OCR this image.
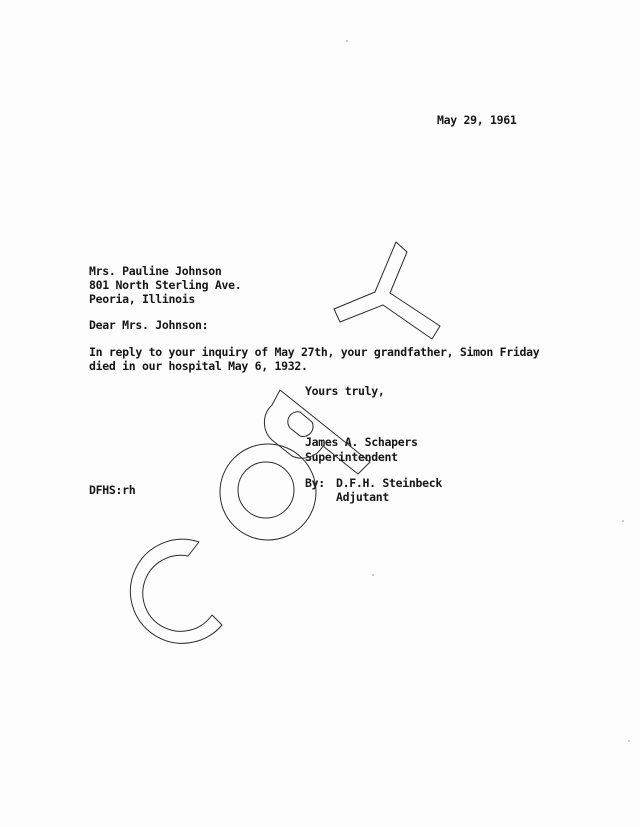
May 29, 1961
Mrs. Pauline Johnson
801 North Sterling Ave.
Peoria, Illinois
Dear Mrs. Johnson:
In reply to your inquiry of May 27th, your grandfather, Simon Friday
died in our hospital May 6, 1932.
Yours truly,
James A. Schapers
Superintendent
By: D.F.H. Steinbeck
Adjutant
DFHS:rh
